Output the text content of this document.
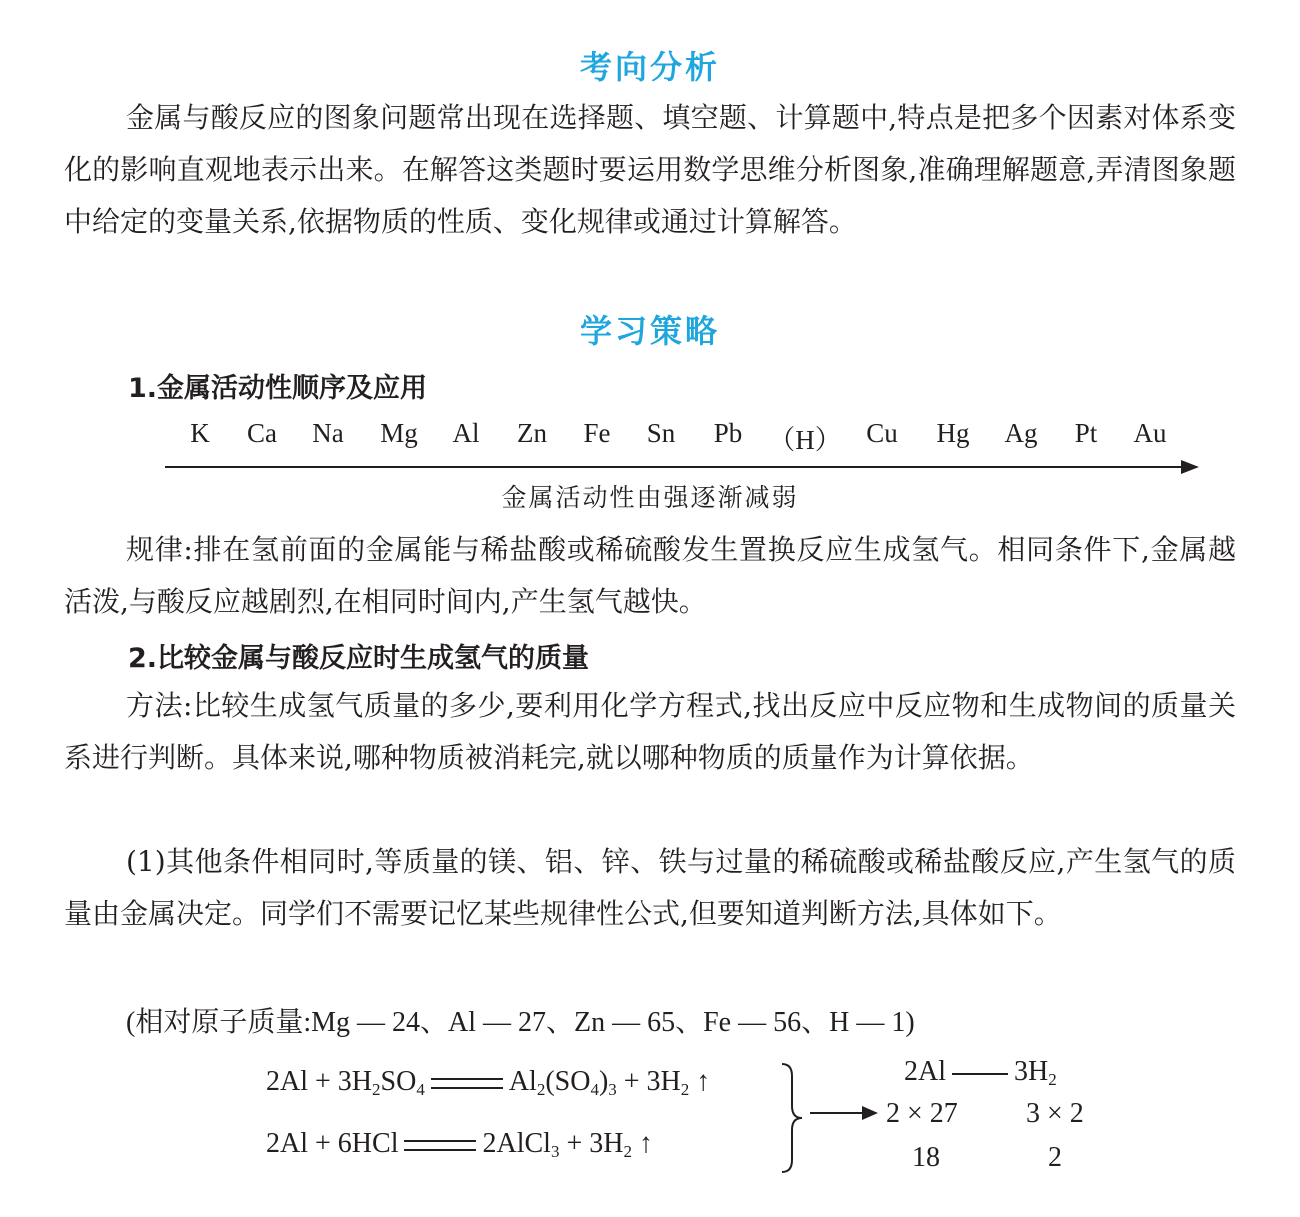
考向分析

金属与酸反应的图象问题常出现在选择题、填空题、计算题中,特点是把多个因素对体系变化的影响直观地表示出来。在解答这类题时要运用数学思维分析图象,准确理解题意,弄清图象题中给定的变量关系,依据物质的性质、变化规律或通过计算解答。

学习策略
1.金属活动性顺序及应用
K Ca Na Mg Al Zn Fe Sn Pb （H） Cu Hg Ag Pt Au
金属活动性由强逐渐减弱

规律:排在氢前面的金属能与稀盐酸或稀硫酸发生置换反应生成氢气。相同条件下,金属越活泼,与酸反应越剧烈,在相同时间内,产生氢气越快。

2.比较金属与酸反应时生成氢气的质量

方法:比较生成氢气质量的多少,要利用化学方程式,找出反应中反应物和生成物间的质量关系进行判断。具体来说,哪种物质被消耗完,就以哪种物质的质量作为计算依据。

(1)其他条件相同时,等质量的镁、铝、锌、铁与过量的稀硫酸或稀盐酸反应,产生氢气的质量由金属决定。同学们不需要记忆某些规律性公式,但要知道判断方法,具体如下。

(相对原子质量:Mg — 24、Al — 27、Zn — 65、Fe — 56、H — 1)
$2Al + 3H_2SO_4$	$Al_2(SO_4)_3 + 3H_2$ ↑
2Al + 6HCl	2AlCl$_3$ + $3H_2$ ↑
2Al $3H_2$
2 × 27 3 × 2
18	2
